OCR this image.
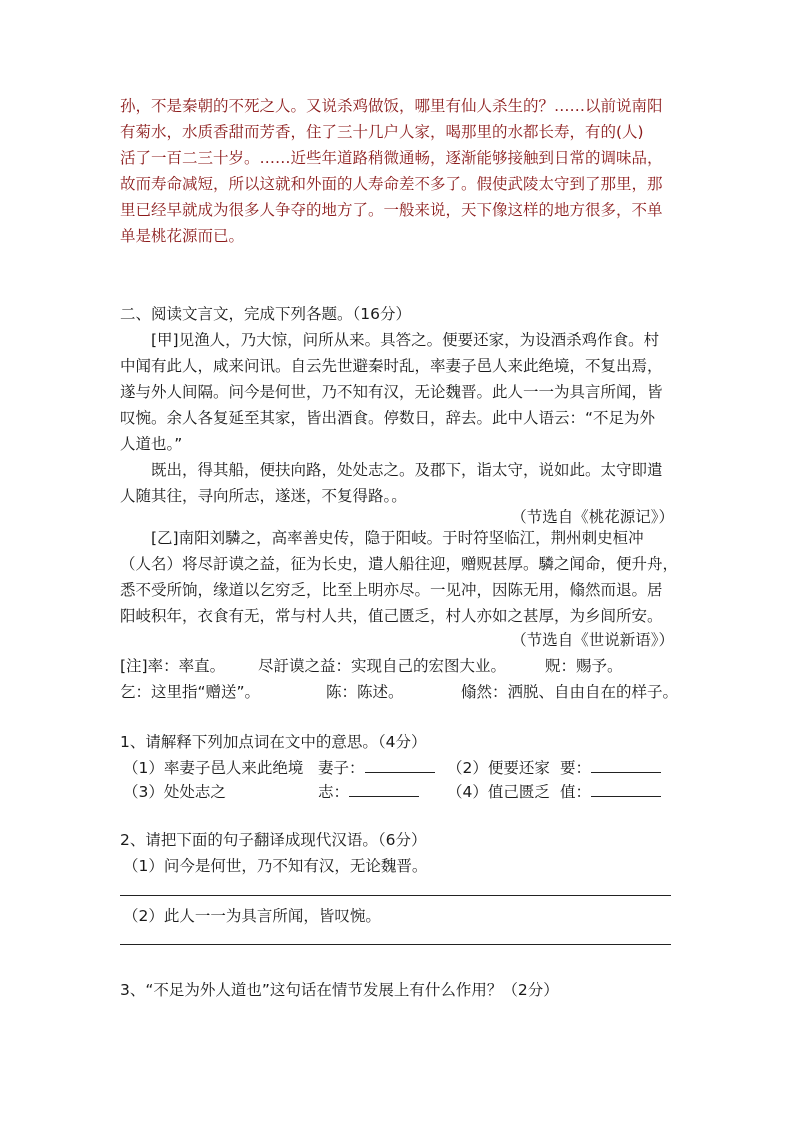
孙，不是秦朝的不死之人。又说杀鸡做饭，哪里有仙人杀生的？……以前说南阳
有菊水，水质香甜而芳香，住了三十几户人家，喝那里的水都长寿，有的(人)
活了一百二三十岁。……近些年道路稍微通畅，逐渐能够接触到日常的调味品，
故而寿命减短，所以这就和外面的人寿命差不多了。假使武陵太守到了那里，那
里已经早就成为很多人争夺的地方了。一般来说，天下像这样的地方很多，不单
单是桃花源而已。
二、阅读文言文，完成下列各题。（16分）
[甲]见渔人，乃大惊，问所从来。具答之。便要还家，为设酒杀鸡作食。村
中闻有此人，咸来问讯。自云先世避秦时乱，率妻子邑人来此绝境，不复出焉，
遂与外人间隔。问今是何世，乃不知有汉，无论魏晋。此人一一为具言所闻，皆
叹惋。余人各复延至其家，皆出酒食。停数日，辞去。此中人语云：“不足为外
人道也。”
既出，得其船，便扶向路，处处志之。及郡下，诣太守，说如此。太守即遣
人随其往，寻向所志，遂迷，不复得路。。
（节选自《桃花源记》）
[乙]南阳刘驎之，高率善史传，隐于阳岐。于时符坚临江，荆州刺史桓冲
（人名）将尽訏谟之益，征为长史，遣人船往迎，赠贶甚厚。驎之闻命，便升舟，
悉不受所饷，缘道以乞穷乏，比至上明亦尽。一见冲，因陈无用，翛然而退。居
阳岐积年，衣食有无，常与村人共，值己匮乏，村人亦如之甚厚，为乡闾所安。
（节选自《世说新语》）
[注]率：率直。 尽訏谟之益：实现自己的宏图大业。	贶：赐予。
乞：这里指“赠送”。	陈：陈述。	翛然：洒脱、自由自在的样子。
1、请解释下列加点词在文中的意思。（4分）
（1）率妻子邑人来此绝境 妻子：	（2）便要还家 要：
（3）处处志之	志：	（4）值己匮乏 值：
2、请把下面的句子翻译成现代汉语。（6分）
（1）问今是何世，乃不知有汉，无论魏晋。
（2）此人一一为具言所闻，皆叹惋。
3、“不足为外人道也”这句话在情节发展上有什么作用？（2分）
